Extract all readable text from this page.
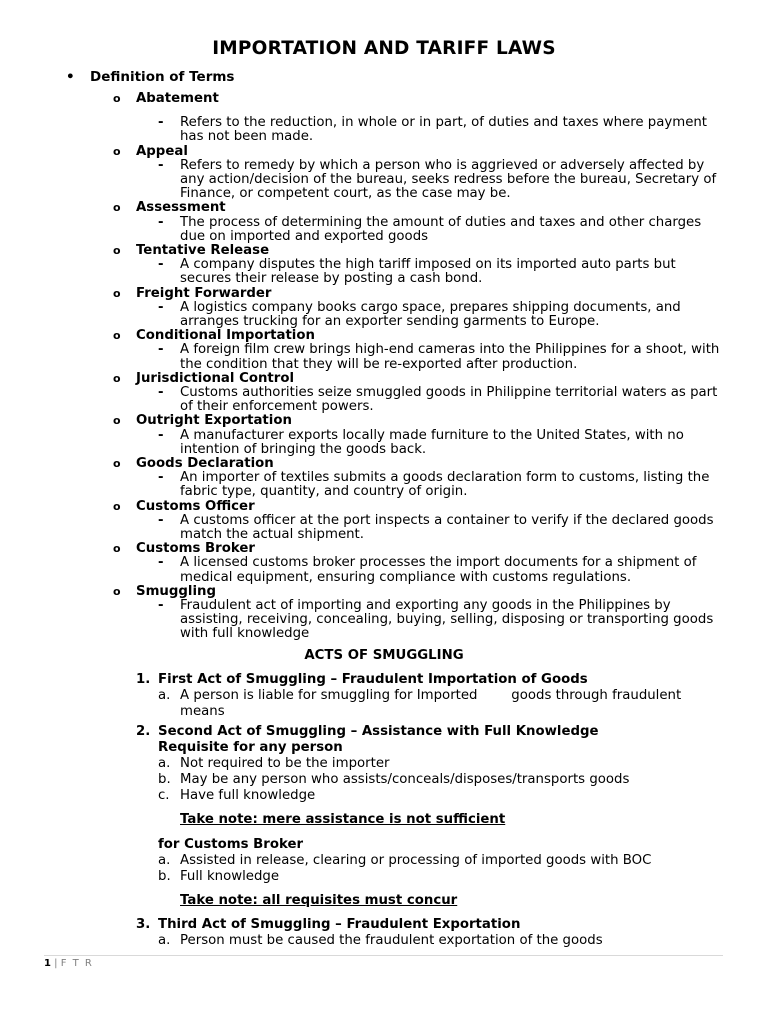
IMPORTATION AND TARIFF LAWS
• Definition of Terms
o Abatement
- Refers to the reduction, in whole or in part, of duties and taxes where payment has not been made.
o Appeal
- Refers to remedy by which a person who is aggrieved or adversely affected by any action/decision of the bureau, seeks redress before the bureau, Secretary of Finance, or competent court, as the case may be.
o Assessment
- The process of determining the amount of duties and taxes and other charges due on imported and exported goods
o Tentative Release
- A company disputes the high tariff imposed on its imported auto parts but secures their release by posting a cash bond.
o Freight Forwarder
- A logistics company books cargo space, prepares shipping documents, and arranges trucking for an exporter sending garments to Europe.
o Conditional Importation
- A foreign film crew brings high-end cameras into the Philippines for a shoot, with the condition that they will be re-exported after production.
o Jurisdictional Control
- Customs authorities seize smuggled goods in Philippine territorial waters as part of their enforcement powers.
o Outright Exportation
- A manufacturer exports locally made furniture to the United States, with no intention of bringing the goods back.
o Goods Declaration
- An importer of textiles submits a goods declaration form to customs, listing the fabric type, quantity, and country of origin.
o Customs Officer
- A customs officer at the port inspects a container to verify if the declared goods match the actual shipment.
o Customs Broker
- A licensed customs broker processes the import documents for a shipment of medical equipment, ensuring compliance with customs regulations.
o Smuggling
- Fraudulent act of importing and exporting any goods in the Philippines by assisting, receiving, concealing, buying, selling, disposing or transporting goods with full knowledge
ACTS OF SMUGGLING
1. First Act of Smuggling – Fraudulent Importation of Goods
a. A person is liable for smuggling for Imported        goods through fraudulent means
2. Second Act of Smuggling – Assistance with Full Knowledge
Requisite for any person
a. Not required to be the importer
b. May be any person who assists/conceals/disposes/transports goods
c. Have full knowledge
Take note: mere assistance is not sufficient
for Customs Broker
a. Assisted in release, clearing or processing of imported goods with BOC
b. Full knowledge
Take note: all requisites must concur
3. Third Act of Smuggling – Fraudulent Exportation
a. Person must be caused the fraudulent exportation of the goods
1 | F T R
